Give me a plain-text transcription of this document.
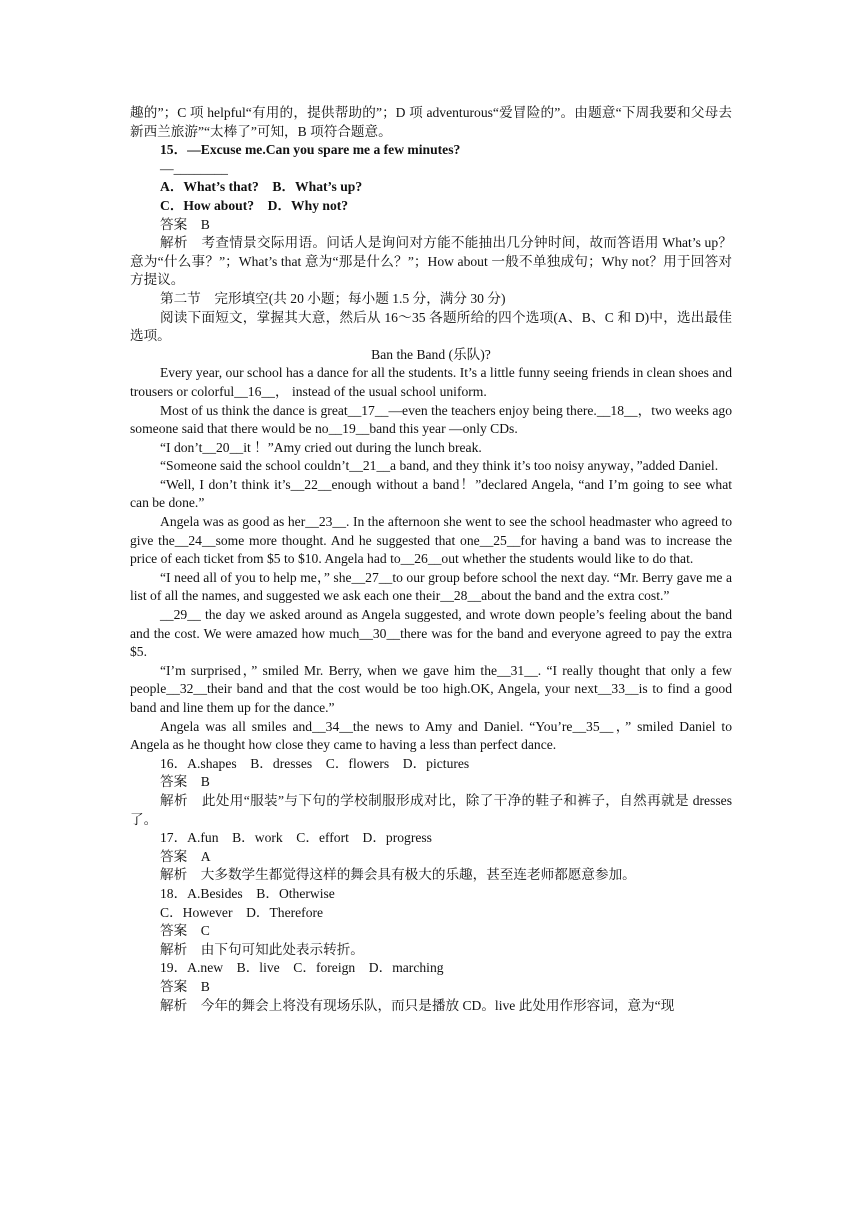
趣的”；C 项 helpful“有用的，提供帮助的”；D 项 adventurous“爱冒险的”。由题意“下周我要和父母去新西兰旅游”“太棒了”可知，B 项符合题意。

15．—Excuse me.Can you spare me a few minutes?

—________

A．What’s that?　B．What’s up?

C．How about?　D．Why not?

答案　B

解析　考查情景交际用语。问话人是询问对方能不能抽出几分钟时间，故而答语用 What’s up？意为“什么事？”；What’s that 意为“那是什么？”；How about 一般不单独成句；Why not？用于回答对方提议。

第二节　完形填空(共 20 小题；每小题 1.5 分，满分 30 分)

阅读下面短文，掌握其大意，然后从 16～35 各题所给的四个选项(A、B、C 和 D)中，选出最佳选项。

Ban the Band (乐队)?

Every year, our school has a dance for all the students. It’s a little funny seeing friends in clean shoes and trousers or colorful__16__， instead of the usual school uniform.

Most of us think the dance is great__17__—even the teachers enjoy being there.__18__，two weeks ago someone said that there would be no__19__band this year —only CDs.

“I don’t__20__it ！”Amy cried out during the lunch break.

“Someone said the school couldn’t__21__a band, and they think it’s too noisy anyway，”added Daniel.

“Well, I don’t think it’s__22__enough without a band！”declared Angela, “and I’m going to see what can be done.”

Angela was as good as her__23__. In the afternoon she went to see the school headmaster who agreed to give the__24__some more thought. And he suggested that one__25__for having a band was to increase the price of each ticket from $5 to $10. Angela had to__26__out whether the students would like to do that.

“I need all of you to help me，” she__27__to our group before school the next day. “Mr. Berry gave me a list of all the names, and suggested we ask each one their__28__about the band and the extra cost.”

__29__ the day we asked around as Angela suggested, and wrote down people’s feeling about the band and the cost. We were amazed how much__30__there was for the band and everyone agreed to pay the extra $5.

“I’m surprised，” smiled Mr. Berry, when we gave him the__31__. “I really thought that only a few people__32__their band and that the cost would be too high.OK, Angela, your next__33__is to find a good band and line them up for the dance.”

Angela was all smiles and__34__the news to Amy and Daniel. “You’re__35__，” smiled Daniel to Angela as he thought how close they came to having a less than perfect dance.

16．A.shapes　B．dresses　C．flowers　D．pictures

答案　B

解析　此处用“服装”与下句的学校制服形成对比，除了干净的鞋子和裤子，自然再就是 dresses 了。

17．A.fun　B．work　C．effort　D．progress

答案　A

解析　大多数学生都觉得这样的舞会具有极大的乐趣，甚至连老师都愿意参加。

18．A.Besides　B．Otherwise

C．However　D．Therefore

答案　C

解析　由下句可知此处表示转折。

19．A.new　B．live　C．foreign　D．marching

答案　B

解析　今年的舞会上将没有现场乐队，而只是播放 CD。live 此处用作形容词，意为“现
